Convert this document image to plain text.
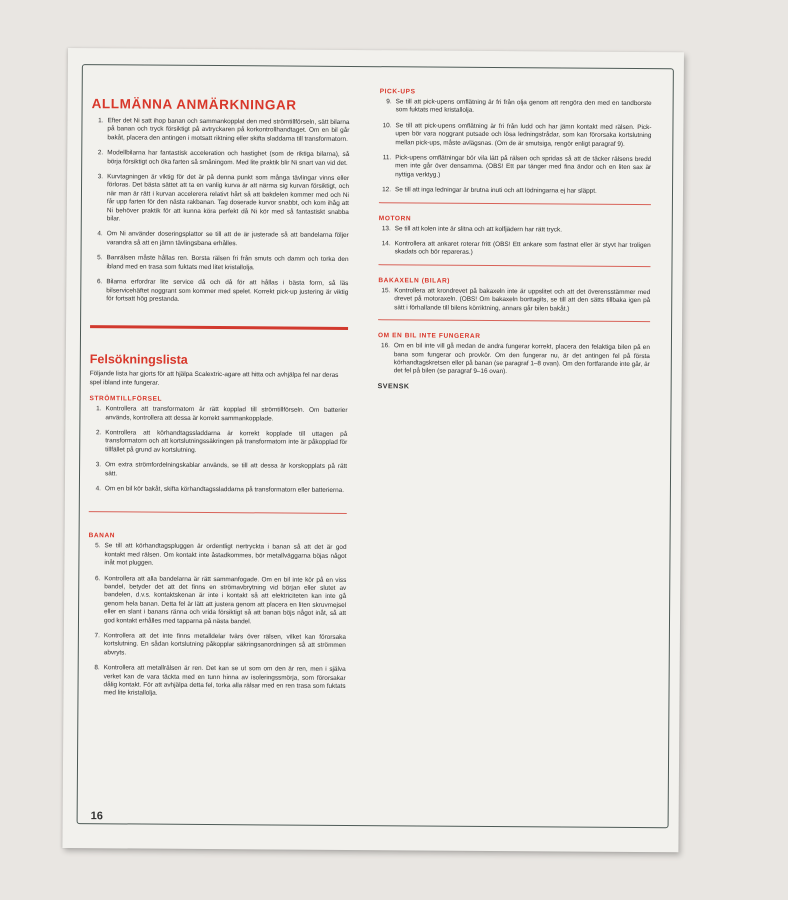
ALLMÄNNA ANMÄRKNINGAR
1. Efter det Ni satt ihop banan och sammankopplat den med strömtillförseln, sätt bilarna på banan och tryck försiktigt på avtryckaren på korkontrollhandtaget. Om en bil går bakåt, placera den antingen i motsatt riktning eller skifta sladdarna till transformatorn.
2. Modellbilarna har fantastisk acceleration och hastighet (som de riktiga bilarna), så börja försiktigt och öka farten så småningom. Med lite praktik blir Ni snart van vid det.
3. Kurvtagningen är viktig för det är på denna punkt som många tävlingar vinns eller förloras. Det bästa sättet att ta en vanlig kurva är att närma sig kurvan försiktigt, och när man är rätt i kurvan accelerera relativt hårt så att bakdelen kommer med och Ni får upp farten för den nästa rakbanan. Tag doserade kurvor snabbt, och kom ihåg att Ni behöver praktik för att kunna köra perfekt då Ni kör med så fantastiskt snabba bilar.
4. Om Ni använder doseringsplattor se till att de är justerade så att bandelarna följer varandra så att en jämn tävlingsbana erhålles.
5. Banrälsen måste hållas ren. Borsta rälsen fri från smuts och damm och torka den ibland med en trasa som fuktats med litet kristallolja.
6. Bilarna erfordrar lite service då och då för att hållas i bästa form, så läs bilservicehäftet noggrant som kommer med spelet. Korrekt pick-up justering är viktig för fortsatt hög prestanda.
Felsökningslista
Följande lista har gjorts för att hjälpa Scalextric-agare att hitta och avhjälpa fel nar deras spel ibland inte fungerar.
STRÖMTILLFÖRSEL
1. Kontrollera att transformatorn är rätt kopplad till strömtillförseln. Om batterier används, kontrollera att dessa är korrekt sammankopplade.
2. Kontrollera att körhandtagssladdarna är korrekt kopplade till uttagen på transformatorn och att kortslutningssäkringen på transformatorn inte är påkopplad för tillfället på grund av kortslutning.
3. Om extra strömfordelningskablar används, se till att dessa är korskopplats på rätt sätt.
4. Om en bil kör bakåt, skifta körhandtagssladdarna på transformatorn eller batterierna.
BANAN
5. Se till att körhandtagspluggen är ordentligt nertryckta i banan så att det är god kontakt med rälsen. Om kontakt inte åstadkommes, bör metallväggarna böjas något inåt mot pluggen.
6. Kontrollera att alla bandelarna är rätt sammanfogade. Om en bil inte kör på en viss bandel, betyder det att det finns en strömavbrytning vid början eller slutet av bandelen, d.v.s. kontaktskenan är inte i kontakt så att elektriciteten kan inte gå genom hela banan. Detta fel är lätt att justera genom att placera en liten skruvmejsel eller en slant i banans ränna och vrida försiktigt så att banan böjs något inåt, så att god kontakt erhålles med tapparna på nästa bandel.
7. Kontrollera att det inte finns metalldelar tvärs över rälsen, vilket kan förorsaka kortslutning. En sådan kortslutning påkopplar säkringsanordningen så att strömmen abvryts.
8. Kontrollera att metallrälsen är ren. Det kan se ut som om den är ren, men i själva verket kan de vara täckta med en tunn hinna av isoleringssmörja, som förorsakar dålig kontakt. För att avhjälpa detta fel, torka alla rälsar med en ren trasa som fuktats med lite kristallolja.
PICK-UPS
9. Se till att pick-upens omflätning är fri från olja genom att rengöra den med en tandborste som fuktats med kristallolja.
10. Se till att pick-upens omflätning är fri från ludd och har jämn kontakt med rälsen. Pick-upen bör vara noggrant putsade och lösa ledningstrådar, som kan förorsaka kortslutning mellan pick-ups, måste avlägsnas. (Om de är smutsiga, rengör enligt paragraf 9).
11. Pick-upens omflätningar bör vila lätt på rälsen och spridas så att de täcker rälsens bredd men inte går över densamma. (OBS! Ett par tänger med fina ändor och en liten sax är nyttiga verktyg.)
12. Se till att inga ledningar är brutna inuti och att lödningarna ej har släppt.
MOTORN
13. Se till att kolen inte är slitna och att kolfjädern har rätt tryck.
14. Kontrollera att ankaret roterar fritt (OBS! Ett ankare som fastnat eller är styvt har troligen skadats och bör repareras.)
BAKAXELN (BILAR)
15. Kontrollera att krondrevet på bakaxeln inte är uppslitet och att det överensstämmer med drevet på motoraxeln. (OBS! Om bakaxeln borttagits, se till att den sätts tillbaka igen på sätt i förhallande till bilens körriktning, annars går bilen bakåt.)
OM EN BIL INTE FUNGERAR
16. Om en bil inte vill gå medan de andra fungerar korrekt, placera den felaktiga bilen på en bana som fungerar och provkör. Om den fungerar nu, är det antingen fel på första körhandtagskretsen eller på banan (se paragraf 1–8 ovan). Om den fortfarande inte går, är det fel på bilen (se paragraf 9–16 ovan).
SVENSK
16
